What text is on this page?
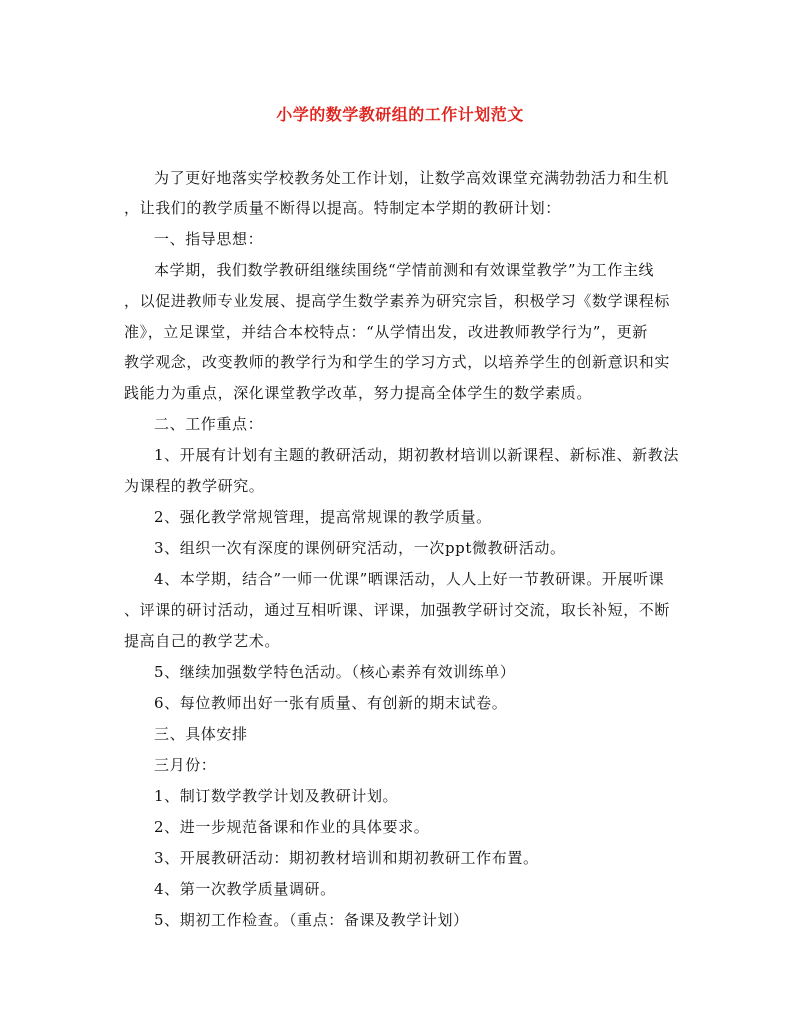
小学的数学教研组的工作计划范文
为了更好地落实学校教务处工作计划，让数学高效课堂充满勃勃活力和生机
，让我们的教学质量不断得以提高。特制定本学期的教研计划：
一、指导思想：
本学期，我们数学教研组继续围绕“学情前测和有效课堂教学”为工作主线
，以促进教师专业发展、提高学生数学素养为研究宗旨，积极学习《数学课程标
准》，立足课堂，并结合本校特点：“从学情出发，改进教师教学行为”，更新
教学观念，改变教师的教学行为和学生的学习方式，以培养学生的创新意识和实
践能力为重点，深化课堂教学改革，努力提高全体学生的数学素质。
二、工作重点：
1、开展有计划有主题的教研活动，期初教材培训以新课程、新标准、新教法
为课程的教学研究。
2、强化教学常规管理，提高常规课的教学质量。
3、组织一次有深度的课例研究活动，一次ppt微教研活动。
4、本学期，结合”一师一优课”晒课活动，人人上好一节教研课。开展听课
、评课的研讨活动，通过互相听课、评课，加强教学研讨交流，取长补短，不断
提高自己的教学艺术。
5、继续加强数学特色活动。（核心素养有效训练单）
6、每位教师出好一张有质量、有创新的期末试卷。
三、具体安排
三月份：
1、制订数学教学计划及教研计划。
2、进一步规范备课和作业的具体要求。
3、开展教研活动：期初教材培训和期初教研工作布置。
4、第一次教学质量调研。
5、期初工作检查。（重点：备课及教学计划）
